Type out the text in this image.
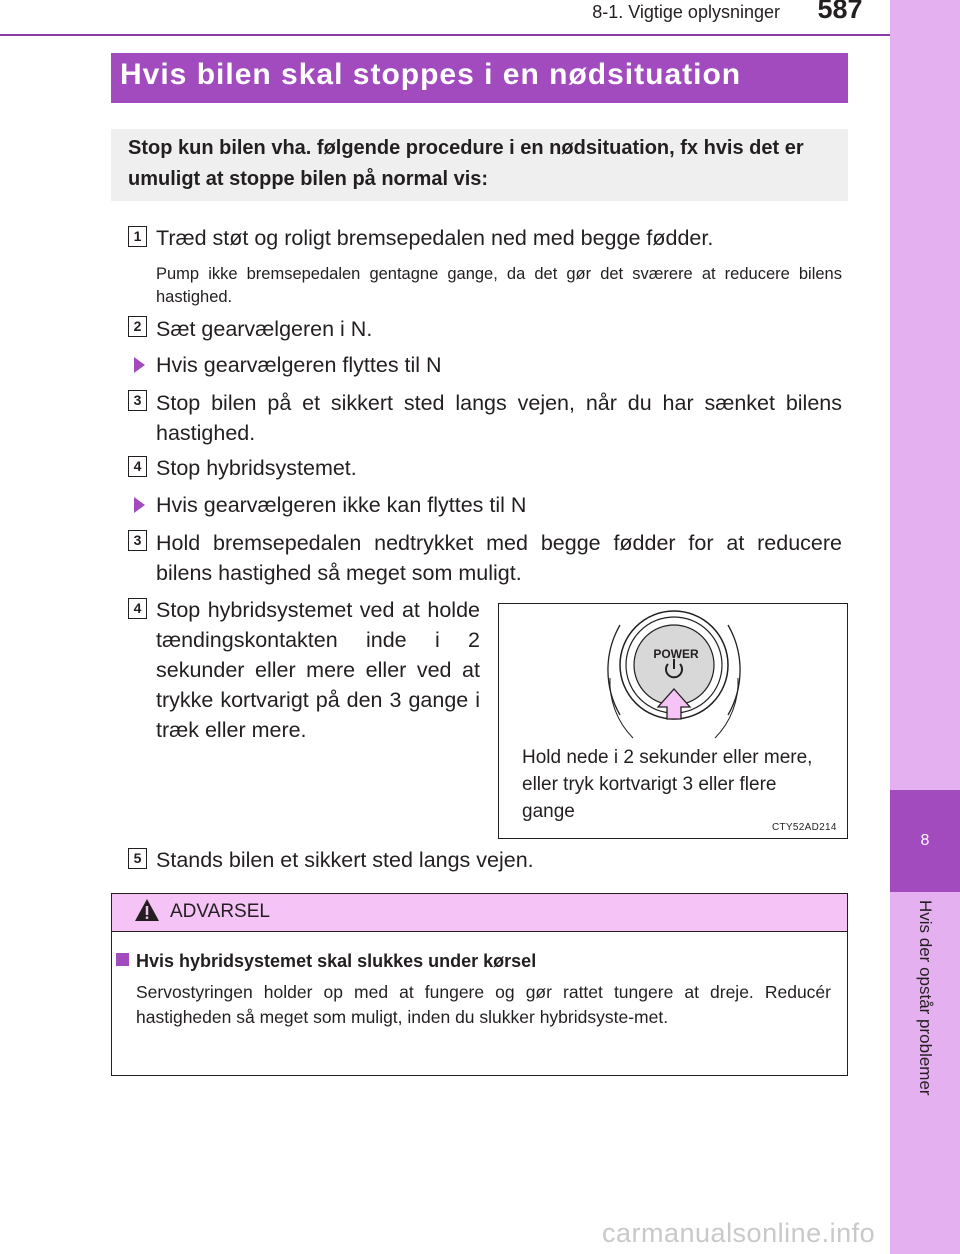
8
Hvis der opstår problemer
8-1. Vigtige oplysninger	587
Hvis bilen skal stoppes i en nødsituation
Stop kun bilen vha. følgende procedure i en nødsituation, fx hvis det er umuligt at stoppe bilen på normal vis:
1 Træd støt og roligt bremsepedalen ned med begge fødder.
Pump ikke bremsepedalen gentagne gange, da det gør det sværere at reducere bilens hastighed.
2 Sæt gearvælgeren i N.
Hvis gearvælgeren flyttes til N
3 Stop bilen på et sikkert sted langs vejen, når du har sænket bilens hastighed.
4 Stop hybridsystemet.
Hvis gearvælgeren ikke kan flyttes til N
3 Hold bremsepedalen nedtrykket med begge fødder for at reducere bilens hastighed så meget som muligt.
4 Stop hybridsystemet ved at holde tændingskontakten inde i 2 sekunder eller mere eller ved at trykke kortvarigt på den 3 gange i træk eller mere.
POWER
Hold nede i 2 sekunder eller mere, eller tryk kortvarigt 3 eller flere gange
CTY52AD214
5 Stands bilen et sikkert sted langs vejen.
ADVARSEL
Hvis hybridsystemet skal slukkes under kørsel
Servostyringen holder op med at fungere og gør rattet tungere at dreje. Reducér hastigheden så meget som muligt, inden du slukker hybridsyste-met.
carmanualsonline.info
